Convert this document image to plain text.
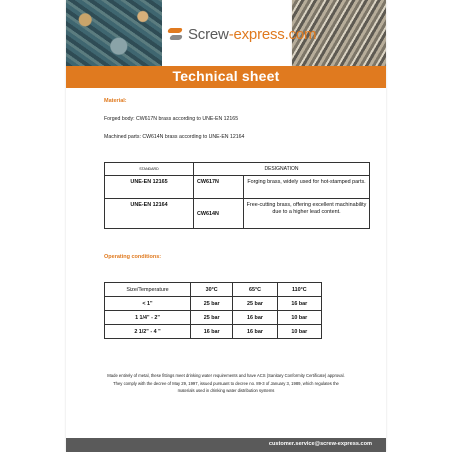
Screw-express.com
Technical sheet
Material:
Forged body: CW617N brass according to UNE-EN 12165
Machined parts: CW614N brass according to UNE-EN 12164
STANDARD	DESIGNATION	
UNE-EN 12165	CW617N	Forging brass, widely used for hot-stamped parts.
UNE-EN 12164	CW614N	Free-cutting brass, offering excellent machinability due to a higher lead content.
Operating conditions:
Size/Temperature	30°C	65°C	110°C
< 1"	25 bar	25 bar	16 bar
1 1/4" - 2"	25 bar	16 bar	10 bar
2 1/2" - 4 "	16 bar	16 bar	10 bar
Made entirely of metal, these fittings meet drinking water requirements and have ACS (Sanitary Conformity Certificate) approval.
They comply with the decree of May 29, 1997, issued pursuant to decree no. 89-3 of January 3, 1989, which regulates the
materials used in drinking water distribution systems
customer.service@screw-express.com
